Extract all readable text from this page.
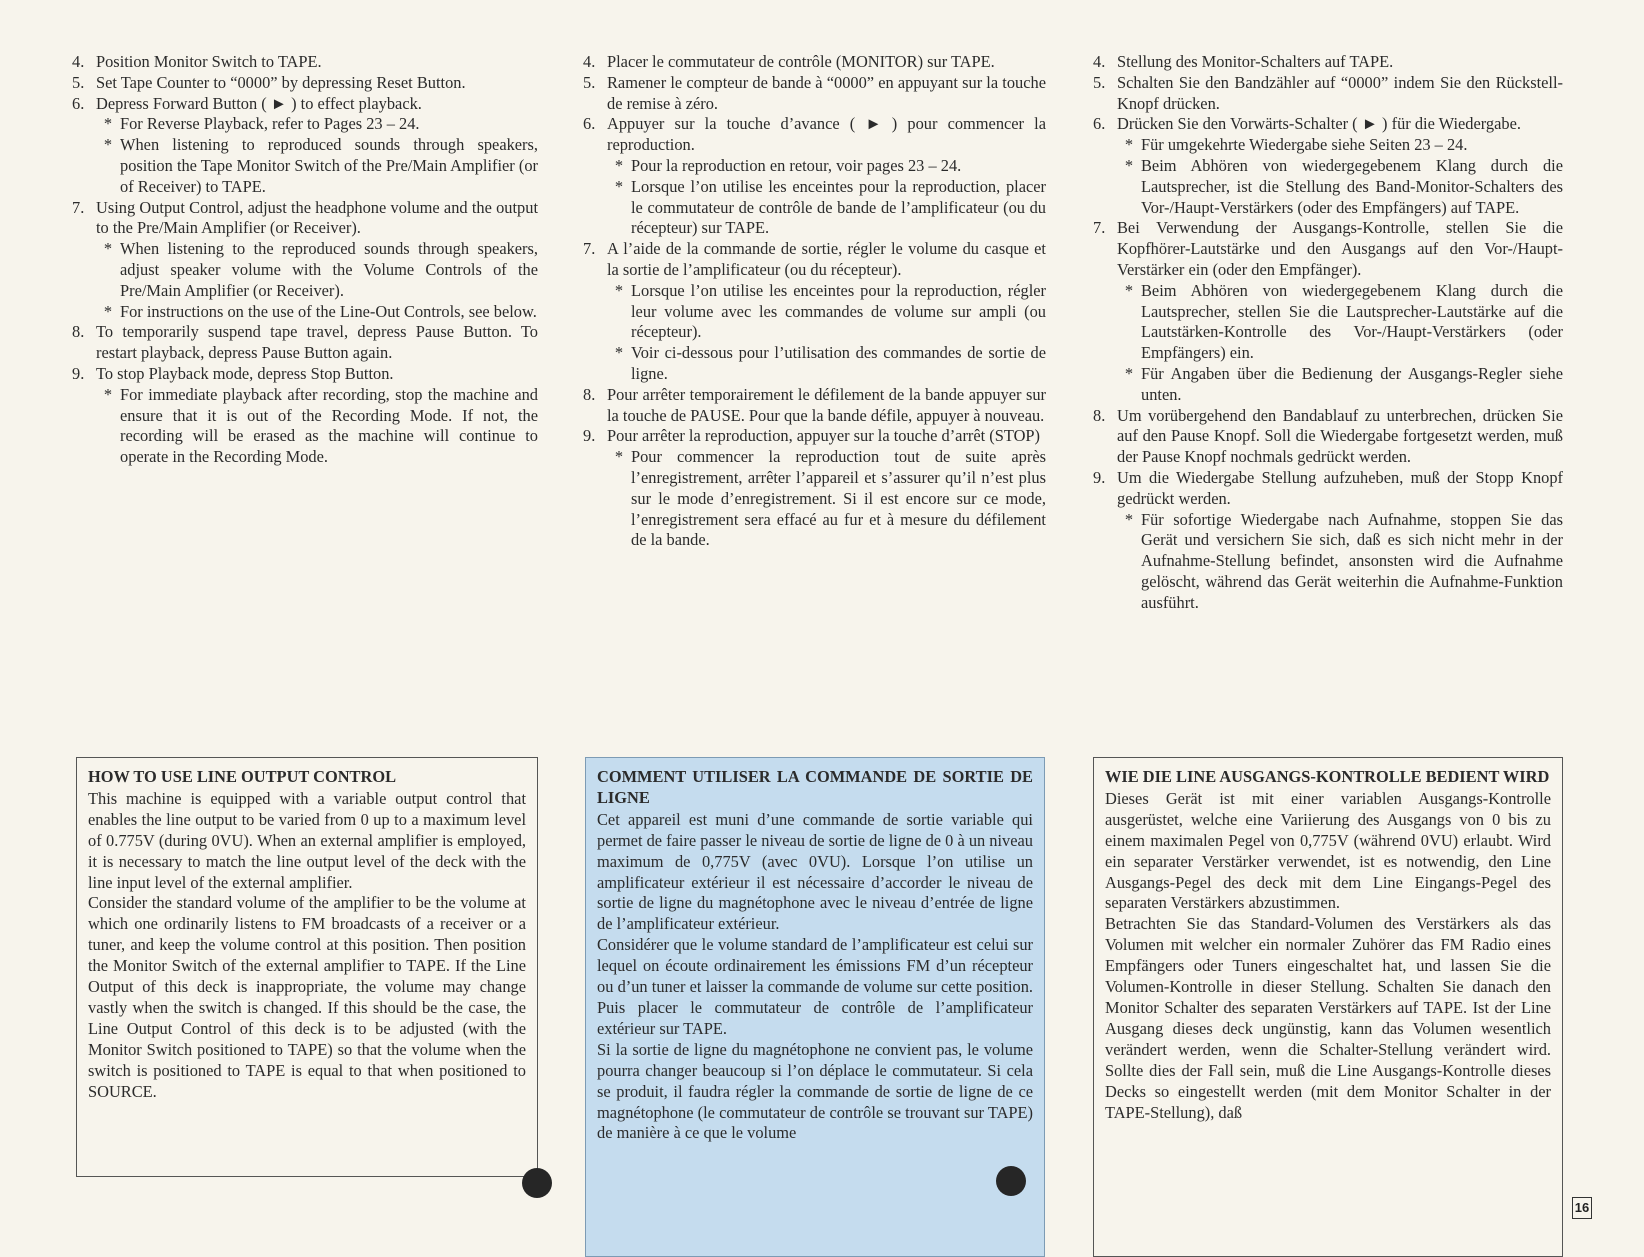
4. Position Monitor Switch to TAPE.
5. Set Tape Counter to “0000” by depressing Reset Button.
6. Depress Forward Button ( ► ) to effect playback.
* For Reverse Playback, refer to Pages 23 – 24.
* When listening to reproduced sounds through speakers, position the Tape Monitor Switch of the Pre/Main Amplifier (or of Receiver) to TAPE.
7. Using Output Control, adjust the headphone volume and the output to the Pre/Main Amplifier (or Receiver).
* When listening to the reproduced sounds through speakers, adjust speaker volume with the Volume Controls of the Pre/Main Amplifier (or Receiver).
* For instructions on the use of the Line-Out Controls, see below.
8. To temporarily suspend tape travel, depress Pause Button. To restart playback, depress Pause Button again.
9. To stop Playback mode, depress Stop Button.
* For immediate playback after recording, stop the machine and ensure that it is out of the Recording Mode. If not, the recording will be erased as the machine will continue to operate in the Recording Mode.
4. Placer le commutateur de contrôle (MONITOR) sur TAPE.
5. Ramener le compteur de bande à “0000” en appuyant sur la touche de remise à zéro.
6. Appuyer sur la touche d’avance ( ► ) pour commencer la reproduction.
* Pour la reproduction en retour, voir pages 23 – 24.
* Lorsque l’on utilise les enceintes pour la reproduction, placer le commutateur de contrôle de bande de l’amplificateur (ou du récepteur) sur TAPE.
7. A l’aide de la commande de sortie, régler le volume du casque et la sortie de l’amplificateur (ou du récepteur).
* Lorsque l’on utilise les enceintes pour la reproduction, régler leur volume avec les commandes de volume sur ampli (ou récepteur).
* Voir ci-dessous pour l’utilisation des commandes de sortie de ligne.
8. Pour arrêter temporairement le défilement de la bande appuyer sur la touche de PAUSE. Pour que la bande défile, appuyer à nouveau.
9. Pour arrêter la reproduction, appuyer sur la touche d’arrêt (STOP)
* Pour commencer la reproduction tout de suite après l’enregistrement, arrêter l’appareil et s’assurer qu’il n’est plus sur le mode d’enregistrement. Si il est encore sur ce mode, l’enregistrement sera effacé au fur et à mesure du défilement de la bande.
4. Stellung des Monitor-Schalters auf TAPE.
5. Schalten Sie den Bandzähler auf “0000” indem Sie den Rückstell-Knopf drücken.
6. Drücken Sie den Vorwärts-Schalter ( ► ) für die Wiedergabe.
* Für umgekehrte Wiedergabe siehe Seiten 23 – 24.
* Beim Abhören von wiedergegebenem Klang durch die Lautsprecher, ist die Stellung des Band-Monitor-Schalters des Vor-/Haupt-Verstärkers (oder des Empfängers) auf TAPE.
7. Bei Verwendung der Ausgangs-Kontrolle, stellen Sie die Kopfhörer-Lautstärke und den Ausgangs auf den Vor-/Haupt-Verstärker ein (oder den Empfänger).
* Beim Abhören von wiedergegebenem Klang durch die Lautsprecher, stellen Sie die Lautsprecher-Lautstärke auf die Lautstärken-Kontrolle des Vor-/Haupt-Verstärkers (oder Empfängers) ein.
* Für Angaben über die Bedienung der Ausgangs-Regler siehe unten.
8. Um vorübergehend den Bandablauf zu unterbrechen, drücken Sie auf den Pause Knopf. Soll die Wiedergabe fortgesetzt werden, muß der Pause Knopf nochmals gedrückt werden.
9. Um die Wiedergabe Stellung aufzuheben, muß der Stopp Knopf gedrückt werden.
* Für sofortige Wiedergabe nach Aufnahme, stoppen Sie das Gerät und versichern Sie sich, daß es sich nicht mehr in der Aufnahme-Stellung befindet, ansonsten wird die Aufnahme gelöscht, während das Gerät weiterhin die Aufnahme-Funktion ausführt.
HOW TO USE LINE OUTPUT CONTROL

This machine is equipped with a variable output control that enables the line output to be varied from 0 up to a maximum level of 0.775V (during 0VU). When an external amplifier is employed, it is necessary to match the line output level of the deck with the line input level of the external amplifier.

Consider the standard volume of the amplifier to be the volume at which one ordinarily listens to FM broadcasts of a receiver or a tuner, and keep the volume control at this position. Then position the Monitor Switch of the external amplifier to TAPE. If the Line Output of this deck is inappropriate, the volume may change vastly when the switch is changed. If this should be the case, the Line Output Control of this deck is to be adjusted (with the Monitor Switch positioned to TAPE) so that the volume when the switch is positioned to TAPE is equal to that when positioned to SOURCE.

COMMENT UTILISER LA COMMANDE DE SORTIE DE LIGNE

Cet appareil est muni d’une commande de sortie variable qui permet de faire passer le niveau de sortie de ligne de 0 à un niveau maximum de 0,775V (avec 0VU). Lorsque l’on utilise un amplificateur extérieur il est nécessaire d’accorder le niveau de sortie de ligne du magnétophone avec le niveau d’entrée de ligne de l’amplificateur extérieur.

Considérer que le volume standard de l’amplificateur est celui sur lequel on écoute ordinairement les émissions FM d’un récepteur ou d’un tuner et laisser la commande de volume sur cette position. Puis placer le commutateur de contrôle de l’amplificateur extérieur sur TAPE.

Si la sortie de ligne du magnétophone ne convient pas, le volume pourra changer beaucoup si l’on déplace le commutateur. Si cela se produit, il faudra régler la commande de sortie de ligne de ce magnétophone (le commutateur de contrôle se trouvant sur TAPE) de manière à ce que le volume

WIE DIE LINE AUSGANGS-KONTROLLE BEDIENT WIRD

Dieses Gerät ist mit einer variablen Ausgangs-Kontrolle ausgerüstet, welche eine Variierung des Ausgangs von 0 bis zu einem maximalen Pegel von 0,775V (während 0VU) erlaubt. Wird ein separater Verstärker verwendet, ist es notwendig, den Line Ausgangs-Pegel des deck mit dem Line Eingangs-Pegel des separaten Verstärkers abzustimmen.

Betrachten Sie das Standard-Volumen des Verstärkers als das Volumen mit welcher ein normaler Zuhörer das FM Radio eines Empfängers oder Tuners eingeschaltet hat, und lassen Sie die Volumen-Kontrolle in dieser Stellung. Schalten Sie danach den Monitor Schalter des separaten Verstärkers auf TAPE. Ist der Line Ausgang dieses deck ungünstig, kann das Volumen wesentlich verändert werden, wenn die Schalter-Stellung verändert wird. Sollte dies der Fall sein, muß die Line Ausgangs-Kontrolle dieses Decks so eingestellt werden (mit dem Monitor Schalter in der TAPE-Stellung), daß

16
